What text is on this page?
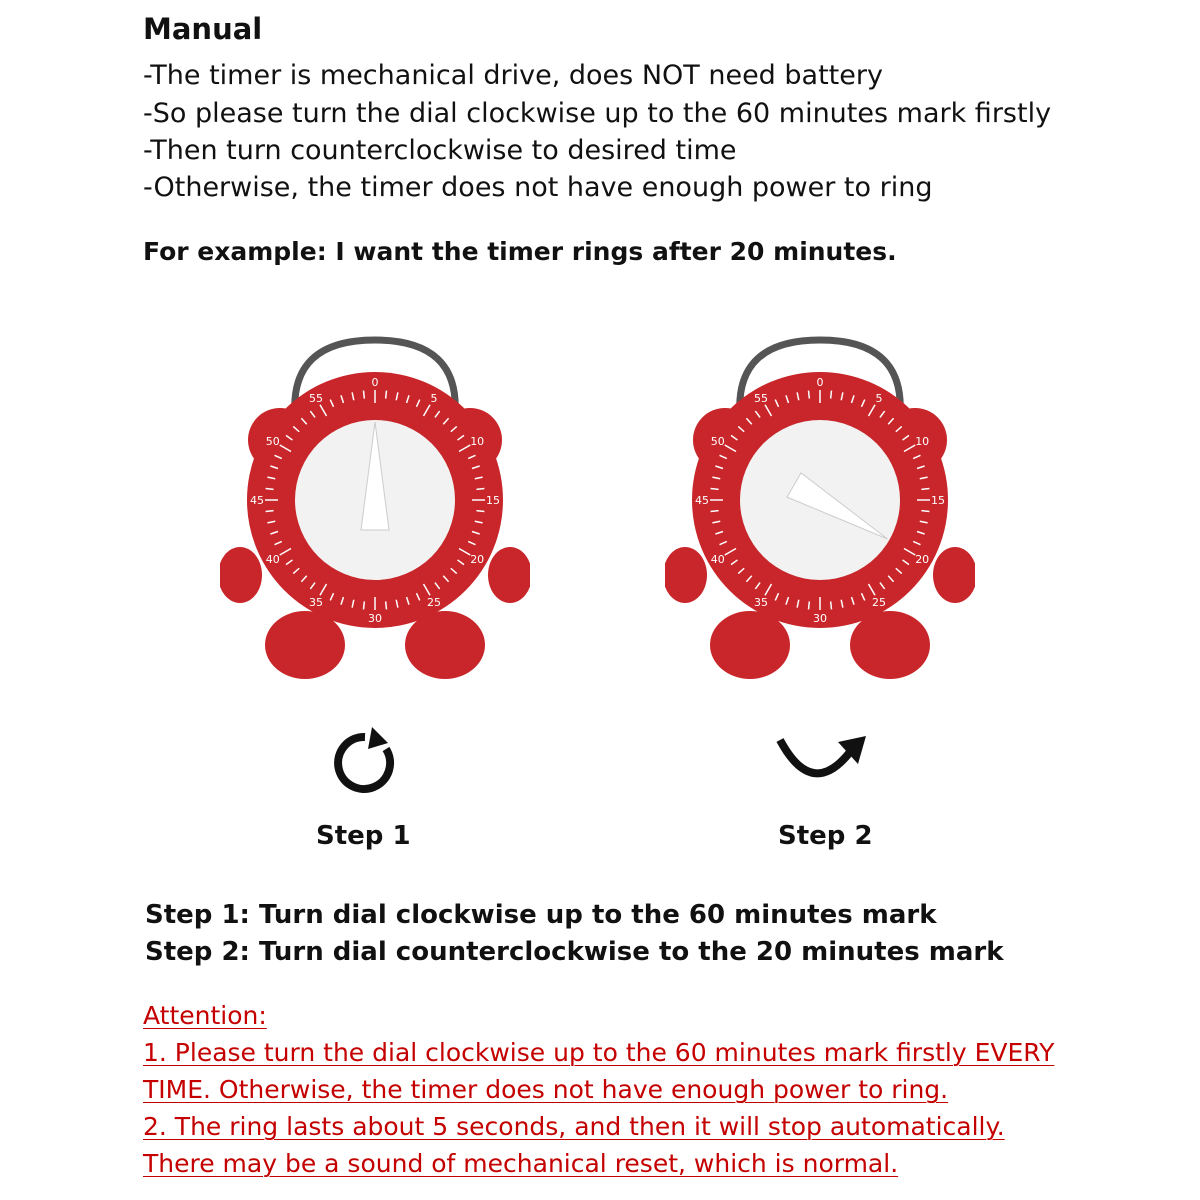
Manual
-The timer is mechanical drive, does NOT need battery
-So please turn the dial clockwise up to the 60 minutes mark firstly
-Then turn counterclockwise to desired time
-Otherwise, the timer does not have enough power to ring
For example: I want the timer rings after 20 minutes.
0
5
10
15
20
25
30
35
40
45
50
55
0
5
10
15
20
25
30
35
40
45
50
55
Step 1	Step 2
Step 1: Turn dial clockwise up to the 60 minutes mark
Step 2: Turn dial counterclockwise to the 20 minutes mark
Attention:
1. Please turn the dial clockwise up to the 60 minutes mark firstly EVERY
TIME. Otherwise, the timer does not have enough power to ring.
2. The ring lasts about 5 seconds, and then it will stop automatically.
There may be a sound of mechanical reset, which is normal.
